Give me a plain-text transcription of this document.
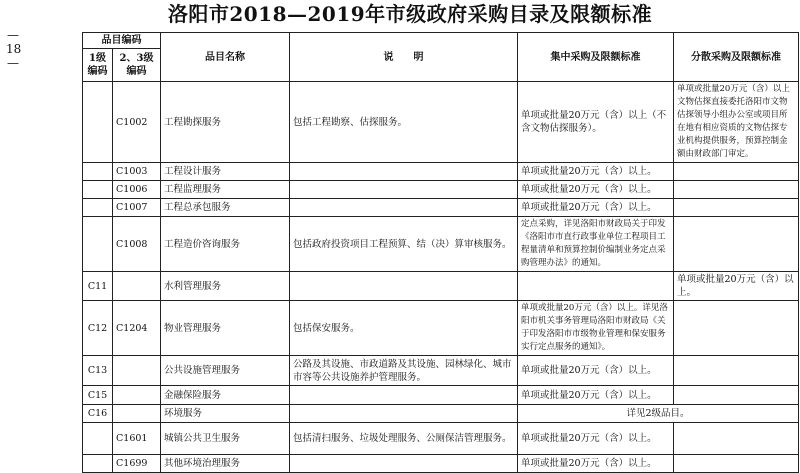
— 18 —
洛阳市2018—2019年市级政府采购目录及限额标准
品目编码		品目名称	说　　明	集中采购及限额标准	分散采购及限额标准
1级编码	2、3级编码				
	C1002	工程勘探服务	包括工程勘察、估探服务。	单项或批量20万元（含）以上（不含文物估探服务）。	单项或批量20万元（含）以上文物估探直接委托洛阳市文物估探领导小组办公室或项目所在地有相应资质的文物估探专业机构提供服务，预算控制金额由财政部门审定。
	C1003	工程设计服务		单项或批量20万元（含）以上。	
	C1006	工程监理服务		单项或批量20万元（含）以上。	
	C1007	工程总承包服务		单项或批量20万元（含）以上。	
	C1008	工程造价咨询服务	包括政府投资项目工程预算、结（决）算审核服务。	定点采购，详见洛阳市财政局关于印发《洛阳市市直行政事业单位工程项目工程量清单和预算控制价编制业务定点采购管理办法》的通知。	
C11		水利管理服务			单项或批量20万元（含）以上。
C12	C1204	物业管理服务	包括保安服务。	单项或批量20万元（含）以上。详见洛阳市机关事务管理局洛阳市财政局《关于印发洛阳市市级物业管理和保安服务实行定点服务的通知》。	
C13		公共设施管理服务	公路及其设施、市政道路及其设施、园林绿化、城市市容等公共设施养护管理服务。	单项或批量20万元（含）以上。	
C15		金融保险服务		单项或批量20万元（含）以上。	
C16		环境服务		详见2级品目。	
	C1601	城镇公共卫生服务	包括清扫服务、垃圾处理服务、公厕保洁管理服务。	单项或批量20万元（含）以上。	
	C1699	其他环境治理服务		单项或批量20万元（含）以上。	
